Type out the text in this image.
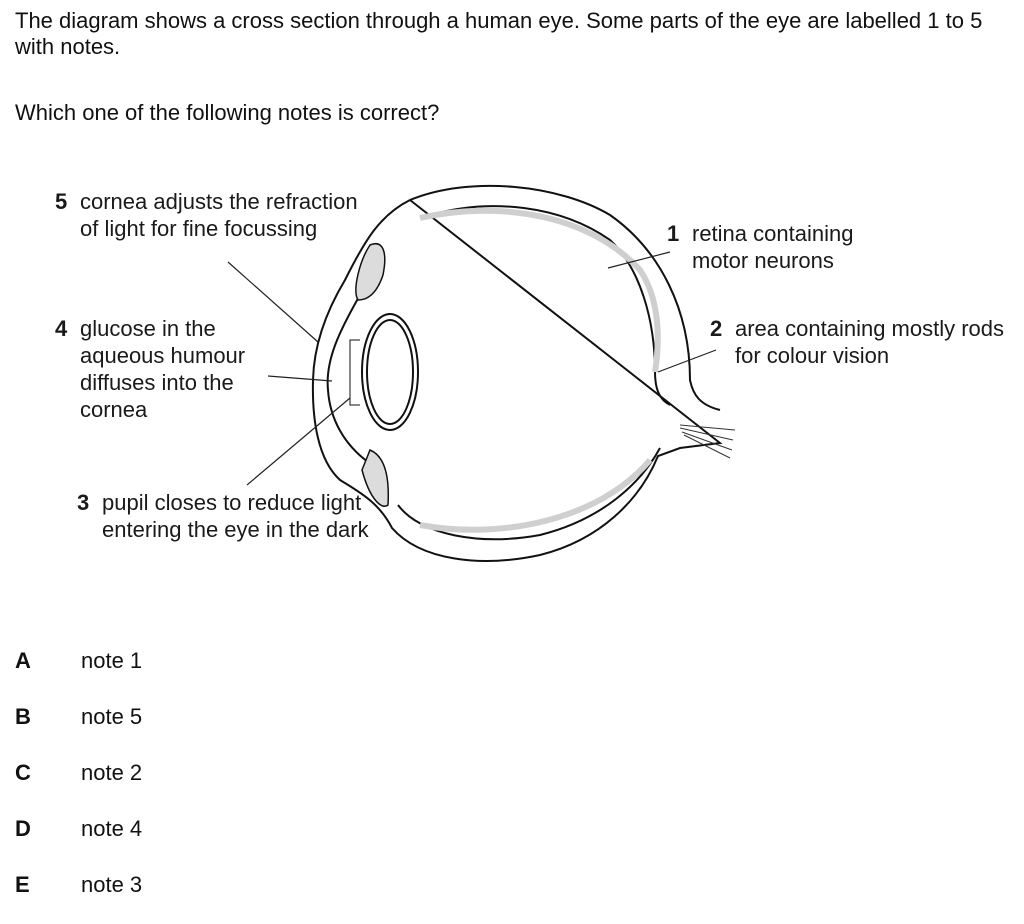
The diagram shows a cross section through a human eye. Some parts of the eye are labelled 1 to 5 with notes.
Which one of the following notes is correct?
5 cornea adjusts the refraction of light for fine focussing
4 glucose in the aqueous humour diffuses into the cornea
3 pupil closes to reduce light entering the eye in the dark
1 retina containing motor neurons
2 area containing mostly rods for colour vision
A note 1
B note 5
C note 2
D note 4
E note 3
